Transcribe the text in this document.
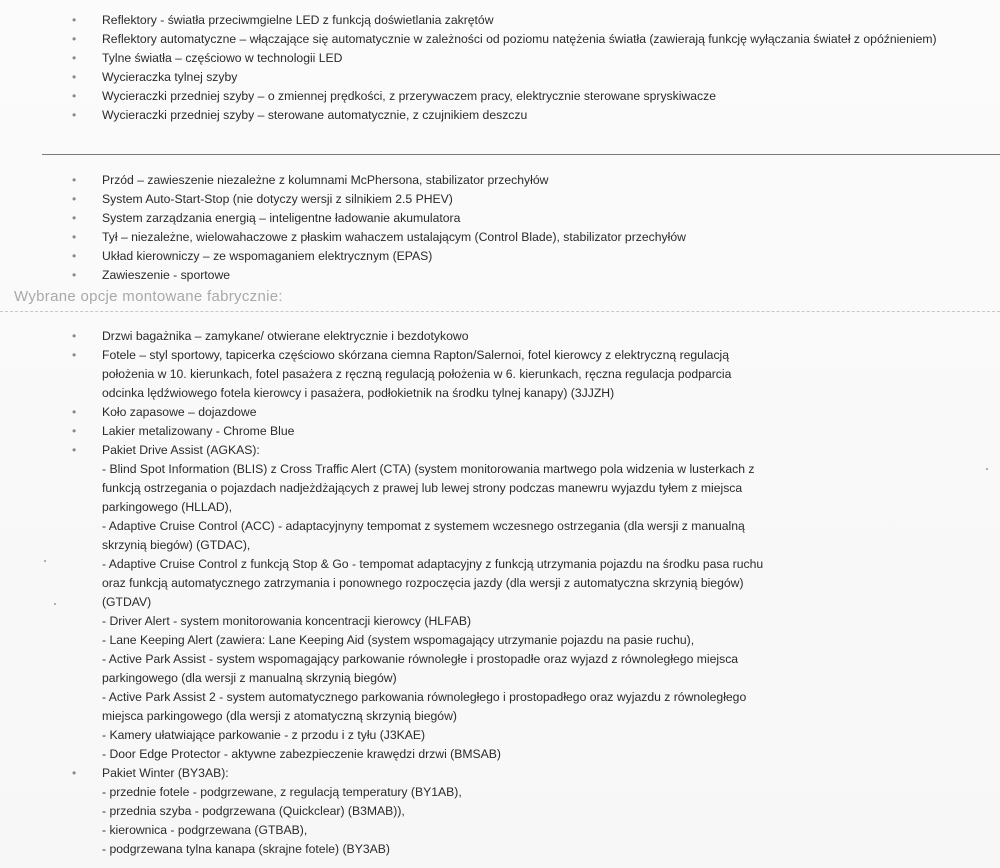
• Reflektory - światła przeciwmgielne LED z funkcją doświetlania zakrętów
• Reflektory automatyczne – włączające się automatycznie w zależności od poziomu natężenia światła (zawierają funkcję wyłączania świateł z opóźnieniem)
• Tylne światła – częściowo w technologii LED
• Wycieraczka tylnej szyby
• Wycieraczki przedniej szyby – o zmiennej prędkości, z przerywaczem pracy, elektrycznie sterowane spryskiwacze
• Wycieraczki przedniej szyby – sterowane automatycznie, z czujnikiem deszczu
• Przód – zawieszenie niezależne z kolumnami McPhersona, stabilizator przechyłów
• System Auto-Start-Stop (nie dotyczy wersji z silnikiem 2.5 PHEV)
• System zarządzania energią – inteligentne ładowanie akumulatora
• Tył – niezależne, wielowahaczowe z płaskim wahaczem ustalającym (Control Blade), stabilizator przechyłów
• Układ kierowniczy – ze wspomaganiem elektrycznym (EPAS)
• Zawieszenie - sportowe
Wybrane opcje montowane fabrycznie:
• Drzwi bagażnika – zamykane/ otwierane elektrycznie i bezdotykowo
• Fotele – styl sportowy, tapicerka częściowo skórzana ciemna Rapton/Salernoi, fotel kierowcy z elektryczną regulacją
położenia w 10. kierunkach, fotel pasażera z ręczną regulacją położenia w 6. kierunkach, ręczna regulacja podparcia
odcinka lędźwiowego fotela kierowcy i pasażera, podłokietnik na środku tylnej kanapy) (3JJZH)
• Koło zapasowe – dojazdowe
• Lakier metalizowany - Chrome Blue
• Pakiet Drive Assist (AGKAS):
- Blind Spot Information (BLIS) z Cross Traffic Alert (CTA) (system monitorowania martwego pola widzenia w lusterkach z
funkcją ostrzegania o pojazdach nadjeżdżających z prawej lub lewej strony podczas manewru wyjazdu tyłem z miejsca
parkingowego (HLLAD),
- Adaptive Cruise Control (ACC) - adaptacyjnyny tempomat z systemem wczesnego ostrzegania (dla wersji z manualną
skrzynią biegów) (GTDAC),
- Adaptive Cruise Control z funkcją Stop & Go - tempomat adaptacyjny z funkcją utrzymania pojazdu na środku pasa ruchu
oraz funkcją automatycznego zatrzymania i ponownego rozpoczęcia jazdy (dla wersji z automatyczna skrzynią biegów)
(GTDAV)
- Driver Alert - system monitorowania koncentracji kierowcy (HLFAB)
- Lane Keeping Alert (zawiera: Lane Keeping Aid (system wspomagający utrzymanie pojazdu na pasie ruchu),
- Active Park Assist - system wspomagający parkowanie równoległe i prostopadłe oraz wyjazd z równoległego miejsca
parkingowego (dla wersji z manualną skrzynią biegów)
- Active Park Assist 2 - system automatycznego parkowania równoległego i prostopadłego oraz wyjazdu z równoległego
miejsca parkingowego (dla wersji z atomatyczną skrzynią biegów)
- Kamery ułatwiające parkowanie - z przodu i z tyłu (J3KAE)
- Door Edge Protector - aktywne zabezpieczenie krawędzi drzwi (BMSAB)
• Pakiet Winter (BY3AB):
- przednie fotele - podgrzewane, z regulacją temperatury (BY1AB),
- przednia szyba - podgrzewana (Quickclear) (B3MAB)),
- kierownica - podgrzewana (GTBAB),
- podgrzewana tylna kanapa (skrajne fotele) (BY3AB)
